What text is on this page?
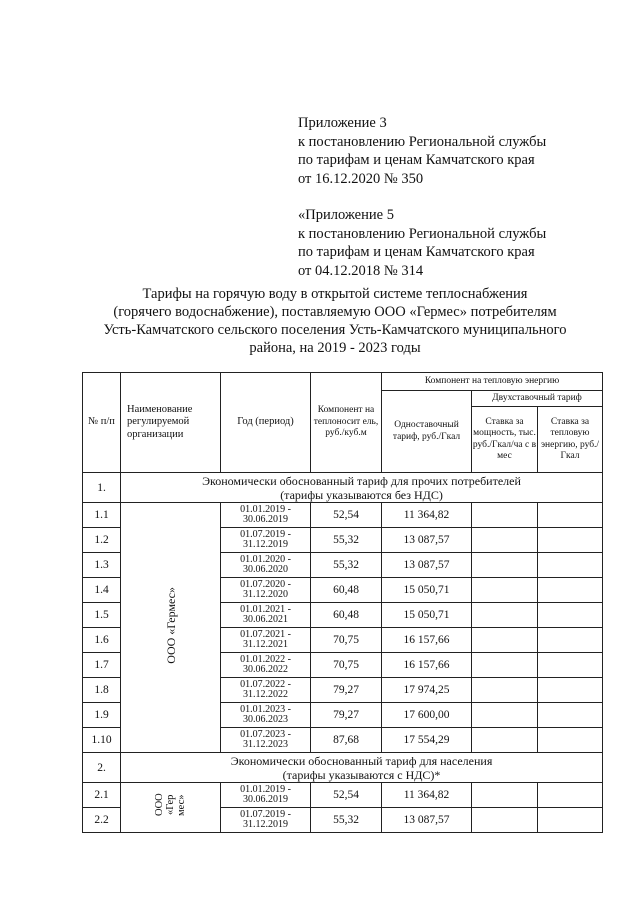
Приложение 3
к постановлению Региональной службы
по тарифам и ценам Камчатского края
от 16.12.2020 № 350
«Приложение 5
к постановлению Региональной службы
по тарифам и ценам Камчатского края
от 04.12.2018 № 314
Тарифы на горячую воду в открытой системе теплоснабжения
(горячего водоснабжение), поставляемую ООО «Гермес» потребителям
Усть-Камчатского сельского поселения Усть-Камчатского муниципального
района, на 2019 - 2023 годы
№ п/п	Наименование регулируемой организации	Год (период)	Компонент на теплоносит ель, руб./куб.м	Компонент на тепловую энергию		
				Одноставочный тариф, руб./Гкал	Двухставочный тариф	
					Ставка за мощность, тыс. руб./Гкал/ча с в мес	Ставка за тепловую энергию, руб./Гкал
1.	Экономически обоснованный тариф для прочих потребителей
(тарифы указываются без НДС)					

1.1	ООО «Гермес»	01.01.2019 -
30.06.2019	52,54	11 364,82		
1.2		01.07.2019 -
31.12.2019	55,32	13 087,57		
1.3		01.01.2020 -
30.06.2020	55,32	13 087,57		
1.4		01.07.2020 -
31.12.2020	60,48	15 050,71		
1.5		01.01.2021 -
30.06.2021	60,48	15 050,71		
1.6		01.07.2021 -
31.12.2021	70,75	16 157,66		
1.7		01.01.2022 -
30.06.2022	70,75	16 157,66		
1.8		01.07.2022 -
31.12.2022	79,27	17 974,25		
1.9		01.01.2023 -
30.06.2023	79,27	17 600,00		
1.10		01.07.2023 -
31.12.2023	87,68	17 554,29		
2.	Экономически обоснованный тариф для населения
(тарифы указываются с НДС)*					

2.1	ООО «Гер мес»	01.01.2019 -
30.06.2019	52,54	11 364,82		
2.2		01.07.2019 -
31.12.2019	55,32	13 087,57		
